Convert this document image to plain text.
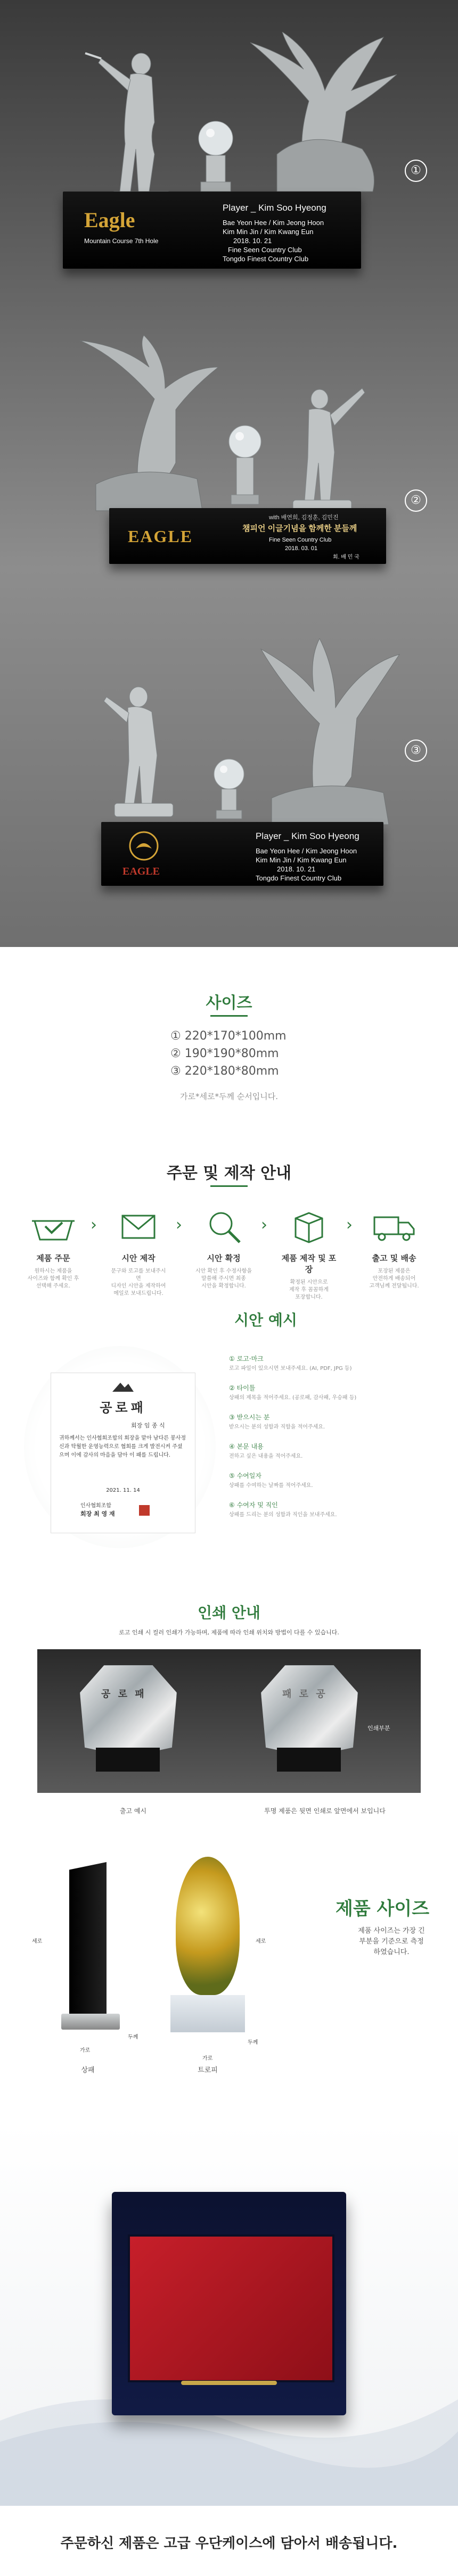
Eagle
Mountain Course 7th Hole
Player _ Kim Soo Hyeong
Bae Yeon Hee / Kim Jeong Hoon
Kim Min Jin / Kim Kwang Eun
2018. 10. 21
Fine Seen Country Club
Tongdo Finest Country Club
①
EAGLE
with 배연희, 김정훈, 김민진
챔피언 이글기념을 함께한 분들께
Fine Seen Country Club
2018. 03. 01
회. 배 민 국
②
EAGLE
Player _ Kim Soo Hyeong
Bae Yeon Hee / Kim Jeong Hoon
Kim Min Jin / Kim Kwang Eun
2018. 10. 21
Tongdo Finest Country Club
③
사이즈
① 220*170*100mm
② 190*190*80mm
③ 220*180*80mm
가로*세로*두께 순서입니다.
주문 및 제작 안내
제품 주문
원하시는 제품을
사이즈와 함께 확인 후
선택해 주세요.
›
시안 제작
문구와 로고를 보내주시면
디자인 시안을 제작하여
메일로 보내드립니다.
›
시안 확정
시안 확인 후 수정사항을
말씀해 주시면 최종
시안을 확정합니다.
›
제품 제작 및 포장
확정된 시안으로
제작 후 꼼꼼하게
포장합니다.
›
출고 및 배송
포장된 제품은
안전하게 배송되어
고객님께 전달됩니다.
시안 예시
공로패
회장 임 종 식
귀하께서는 인사협회조합의 회장을 맡아 남다른 봉사정신과 탁월한 운영능력으로 협회를 크게 발전시켜 주셨으며 이에 감사의 마음을 담아 이 패를 드립니다.
2021. 11. 14
인사협회조합
회장 최 영 재
① 로고·마크
로고 파일이 있으시면 보내주세요. (AI, PDF, JPG 등)
② 타이틀
상패의 제목을 적어주세요. (공로패, 감사패, 우승패 등)
③ 받으시는 분
받으시는 분의 성함과 직함을 적어주세요.
④ 본문 내용
전하고 싶은 내용을 적어주세요.
⑤ 수여일자
상패를 수여하는 날짜를 적어주세요.
⑥ 수여자 및 직인
상패를 드리는 분의 성함과 직인을 보내주세요.
인쇄 안내
로고 인쇄 시 컬러 인쇄가 가능하며, 제품에 따라 인쇄 위치와 방법이 다를 수 있습니다.
공 로 패	패 로 공
인쇄부분
출고 예시	투명 제품은 뒷면 인쇄로 앞면에서 보입니다
세로
가로
두께
상패
세로
가로
두께
트로피
제품 사이즈
제품 사이즈는 가장 긴 부분을 기준으로 측정하였습니다.
주문하신 제품은 고급 우단케이스에 담아서 배송됩니다.
